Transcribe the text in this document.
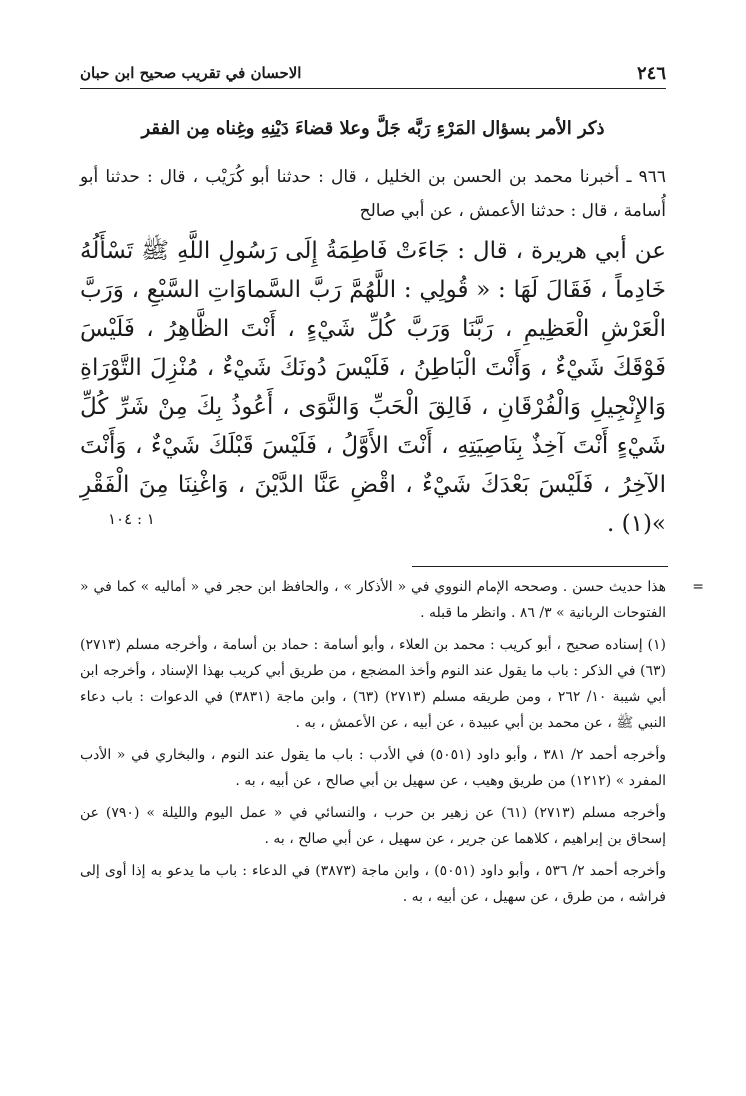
٢٤٦
الاحسان في تقريب صحيح ابن حبان
ذكر الأمر بسؤال المَرْءِ رَبَّه جَلَّ وعلا قضاءَ دَيْنِهِ وغِناه مِن الفقر

٩٦٦ ـ أخبرنا محمد بن الحسن بن الخليل ، قال : حدثنا أبو كُرَيْب ، قال : حدثنا أبو أُسامة ، قال : حدثنا الأعمش ، عن أبي صالح

عن أبي هريرة ، قال : جَاءَتْ فَاطِمَةُ إِلَى رَسُولِ اللَّهِ ﷺ تَسْأَلُهُ خَادِماً ، فَقَالَ لَهَا : « قُولِي : اللَّهُمَّ رَبَّ السَّماوَاتِ السَّبْعِ ، وَرَبَّ الْعَرْشِ الْعَظِيمِ ، رَبَّنَا وَرَبَّ كُلِّ شَيْءٍ ، أَنْتَ الظَّاهِرُ ، فَلَيْسَ فَوْقَكَ شَيْءٌ ، وَأَنْتَ الْبَاطِنُ ، فَلَيْسَ دُونَكَ شَيْءٌ ، مُنْزِلَ التَّوْرَاةِ وَالإِنْجِيلِ وَالْفُرْقَانِ ، فَالِقَ الْحَبِّ وَالنَّوَى ، أَعُوذُ بِكَ مِنْ شَرِّ كُلِّ شَيْءٍ أَنْتَ آخِذٌ بِنَاصِيَتِهِ ، أَنْتَ الأَوَّلُ ، فَلَيْسَ قَبْلَكَ شَيْءٌ ، وَأَنْتَ الآخِرُ ، فَلَيْسَ بَعْدَكَ شَيْءٌ ، اقْضِ عَنَّا الدَّيْنَ ، وَاغْنِنَا مِنَ الْفَقْرِ »(١) .

١ : ١٠٤
=

هذا حديث حسن . وصححه الإمام النووي في « الأذكار » ، والحافظ ابن حجر في « أماليه » كما في « الفتوحات الربانية » ٣/ ٨٦ . وانظر ما قبله .

(١) إسناده صحيح ، أبو كريب : محمد بن العلاء ، وأبو أسامة : حماد بن أسامة ، وأخرجه مسلم (٢٧١٣) (٦٣) في الذكر : باب ما يقول عند النوم وأخذ المضجع ، من طريق أبي كريب بهذا الإسناد ، وأخرجه ابن أبي شيبة ١٠/ ٢٦٢ ، ومن طريقه مسلم (٢٧١٣) (٦٣) ، وابن ماجة (٣٨٣١) في الدعوات : باب دعاء النبي ﷺ ، عن محمد بن أبي عبيدة ، عن أبيه ، عن الأعمش ، به .

وأخرجه أحمد ٢/ ٣٨١ ، وأبو داود (٥٠٥١) في الأدب : باب ما يقول عند النوم ، والبخاري في « الأدب المفرد » (١٢١٢) من طريق وهيب ، عن سهيل بن أبي صالح ، عن أبيه ، به .

وأخرجه مسلم (٢٧١٣) (٦١) عن زهير بن حرب ، والنسائي في « عمل اليوم والليلة » (٧٩٠) عن إسحاق بن إبراهيم ، كلاهما عن جرير ، عن سهيل ، عن أبي صالح ، به .

وأخرجه أحمد ٢/ ٥٣٦ ، وأبو داود (٥٠٥١) ، وابن ماجة (٣٨٧٣) في الدعاء : باب ما يدعو به إذا أوى إلى فراشه ، من طرق ، عن سهيل ، عن أبيه ، به .
